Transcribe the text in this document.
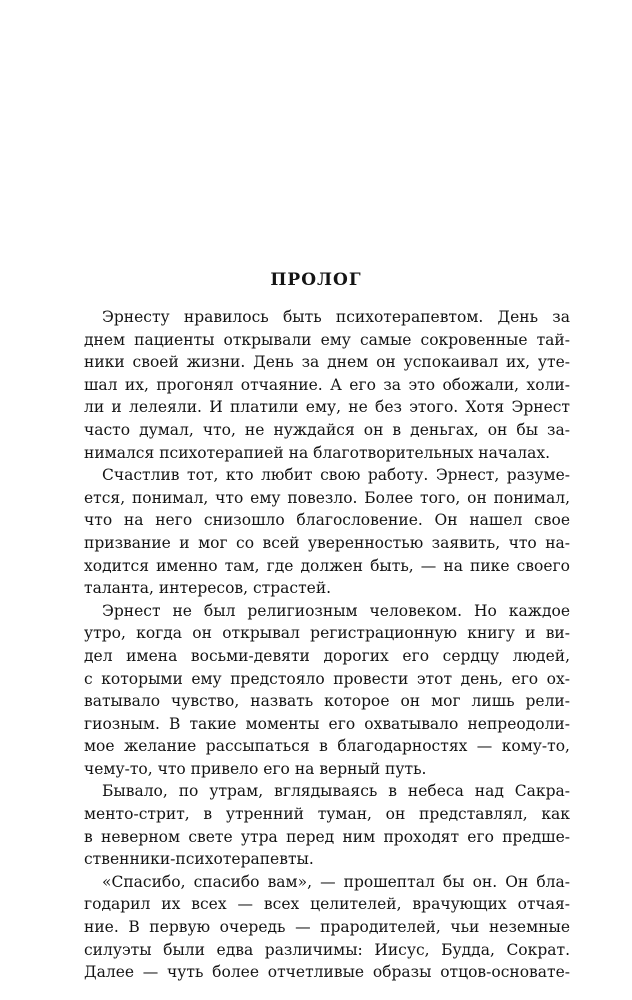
ПРОЛОГ
Эрнесту нравилось быть психотерапевтом. День за
днем пациенты открывали ему самые сокровенные тай-
ники своей жизни. День за днем он успокаивал их, уте-
шал их, прогонял отчаяние. А его за это обожали, холи-
ли и лелеяли. И платили ему, не без этого. Хотя Эрнест
часто думал, что, не нуждайся он в деньгах, он бы за-
нимался психотерапией на благотворительных началах.
Счастлив тот, кто любит свою работу. Эрнест, разуме-
ется, понимал, что ему повезло. Более того, он понимал,
что на него снизошло благословение. Он нашел свое
призвание и мог со всей уверенностью заявить, что на-
ходится именно там, где должен быть, — на пике своего
таланта, интересов, страстей.
Эрнест не был религиозным человеком. Но каждое
утро, когда он открывал регистрационную книгу и ви-
дел имена восьми-девяти дорогих его сердцу людей,
с которыми ему предстояло провести этот день, его ох-
ватывало чувство, назвать которое он мог лишь рели-
гиозным. В такие моменты его охватывало непреодоли-
мое желание рассыпаться в благодарностях — кому-то,
чему-то, что привело его на верный путь.
Бывало, по утрам, вглядываясь в небеса над Сакра-
менто-стрит, в утренний туман, он представлял, как
в неверном свете утра перед ним проходят его предше-
ственники-психотерапевты.
«Спасибо, спасибо вам», — прошептал бы он. Он бла-
годарил их всех — всех целителей, врачующих отчая-
ние. В первую очередь — прародителей, чьи неземные
силуэты были едва различимы: Иисус, Будда, Сократ.
Далее — чуть более отчетливые образы отцов-основате-
